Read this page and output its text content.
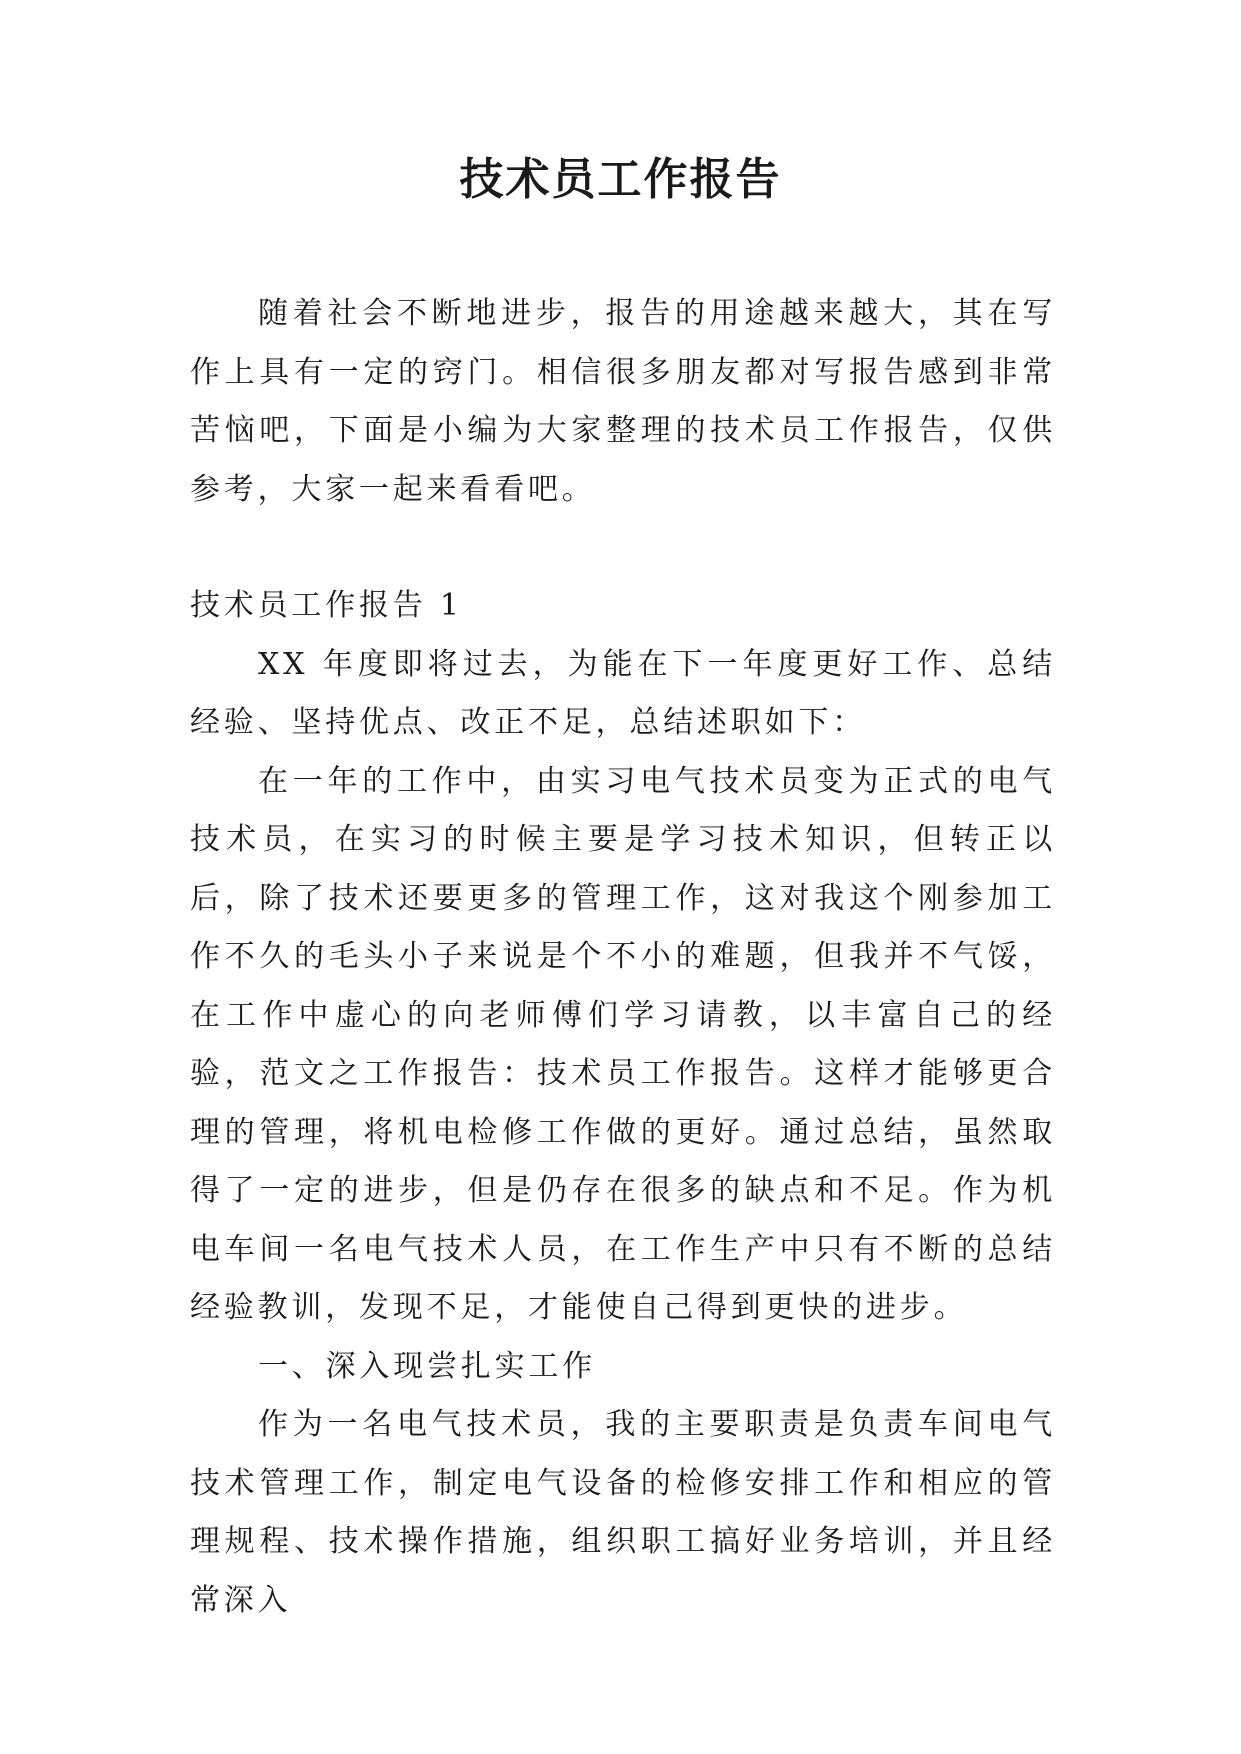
技术员工作报告

随着社会不断地进步，报告的用途越来越大，其在写作上具有一定的窍门。相信很多朋友都对写报告感到非常苦恼吧，下面是小编为大家整理的技术员工作报告，仅供参考，大家一起来看看吧。

技术员工作报告 1

XX 年度即将过去，为能在下一年度更好工作、总结经验、坚持优点、改正不足，总结述职如下：

在一年的工作中，由实习电气技术员变为正式的电气技术员，在实习的时候主要是学习技术知识，但转正以后，除了技术还要更多的管理工作，这对我这个刚参加工作不久的毛头小子来说是个不小的难题，但我并不气馁，在工作中虚心的向老师傅们学习请教，以丰富自己的经验，范文之工作报告：技术员工作报告。这样才能够更合理的管理，将机电检修工作做的更好。通过总结，虽然取得了一定的进步，但是仍存在很多的缺点和不足。作为机电车间一名电气技术人员，在工作生产中只有不断的总结经验教训，发现不足，才能使自己得到更快的进步。

一、深入现尝扎实工作

作为一名电气技术员，我的主要职责是负责车间电气技术管理工作，制定电气设备的检修安排工作和相应的管理规程、技术操作措施，组织职工搞好业务培训，并且经常深入
